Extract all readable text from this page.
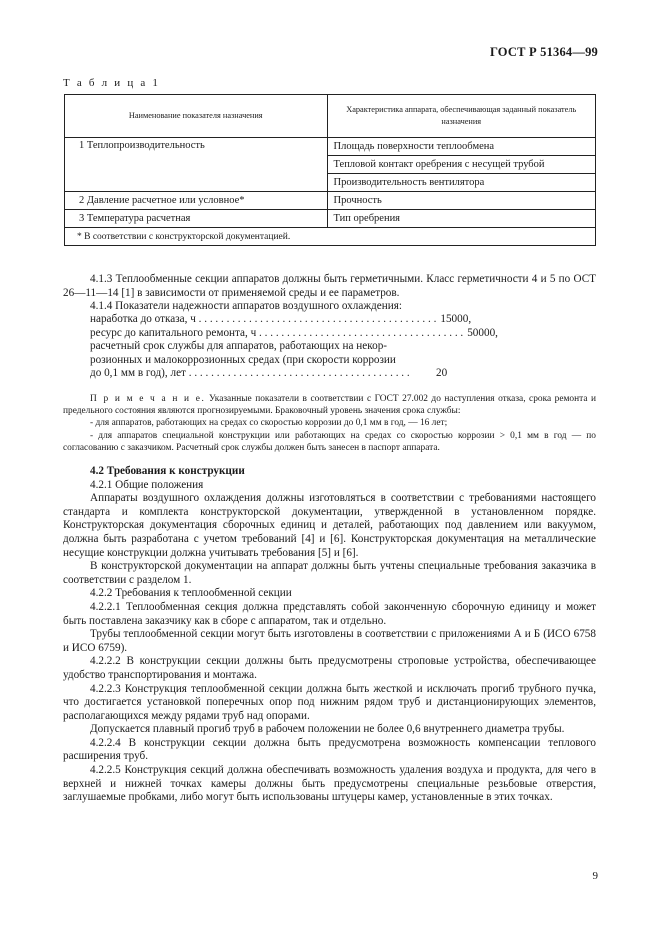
ГОСТ Р 51364—99
Т а б л и ц а 1
Наименование показателя назначения	Характеристика аппарата, обеспечивающая заданный показатель назначения
1 Теплопроизводительность	Площадь поверхности теплообмена
	Тепловой контакт оребрения с несущей трубой
	Производительность вентилятора
2 Давление расчетное или условное*	Прочность
3 Температура расчетная	Тип оребрения
* В соответствии с конструкторской документацией.	

4.1.3 Теплообменные секции аппаратов должны быть герметичными. Класс герметичности 4 и 5 по ОСТ 26—11—14 [1] в зависимости от применяемой среды и ее параметров.

4.1.4 Показатели надежности аппаратов воздушного охлаждения:

наработка до отказа, ч . . . . . . . . . . . . . . . . . . . . . . . . . . . . . . . . . . . . . . . . . . . 15000,
ресурс до капитального ремонта, ч . . . . . . . . . . . . . . . . . . . . . . . . . . . . . . . . . . . . . 50000,
расчетный срок службы для аппаратов, работающих на некор-
розионных и малокоррозионных средах (при скорости коррозии
до 0,1 мм в год), лет . . . . . . . . . . . . . . . . . . . . . . . . . . . . . . . . . . . . . . . .	20

П р и м е ч а н и е. Указанные показатели в соответствии с ГОСТ 27.002 до наступления отказа, срока ремонта и предельного состояния являются прогнозируемыми. Браковочный уровень значения срока службы:

- для аппаратов, работающих на средах со скоростью коррозии до 0,1 мм в год, — 16 лет;

- для аппаратов специальной конструкции или работающих на средах со скоростью коррозии > 0,1 мм в год — по согласованию с заказчиком. Расчетный срок службы должен быть занесен в паспорт аппарата.

4.2 Требования к конструкции

4.2.1 Общие положения

Аппараты воздушного охлаждения должны изготовляться в соответствии с требованиями настоящего стандарта и комплекта конструкторской документации, утвержденной в установленном порядке. Конструкторская документация сборочных единиц и деталей, работающих под давлением или вакуумом, должна быть разработана с учетом требований [4] и [6]. Конструкторская документация на металлические несущие конструкции должна учитывать требования [5] и [6].

В конструкторской документации на аппарат должны быть учтены специальные требования заказчика в соответствии с разделом 1.

4.2.2 Требования к теплообменной секции

4.2.2.1 Теплообменная секция должна представлять собой законченную сборочную единицу и может быть поставлена заказчику как в сборе с аппаратом, так и отдельно.

Трубы теплообменной секции могут быть изготовлены в соответствии с приложениями А и Б (ИСО 6758 и ИСО 6759).

4.2.2.2 В конструкции секции должны быть предусмотрены строповые устройства, обеспечивающее удобство транспортирования и монтажа.

4.2.2.3 Конструкция теплообменной секции должна быть жесткой и исключать прогиб трубного пучка, что достигается установкой поперечных опор под нижним рядом труб и дистанционирующих элементов, располагающихся между рядами труб над опорами.

Допускается плавный прогиб труб в рабочем положении не более 0,6 внутреннего диаметра трубы.

4.2.2.4 В конструкции секции должна быть предусмотрена возможность компенсации теплового расширения труб.

4.2.2.5 Конструкция секций должна обеспечивать возможность удаления воздуха и продукта, для чего в верхней и нижней точках камеры должны быть предусмотрены специальные резьбовые отверстия, заглушаемые пробками, либо могут быть использованы штуцеры камер, установленные в этих точках.

9
